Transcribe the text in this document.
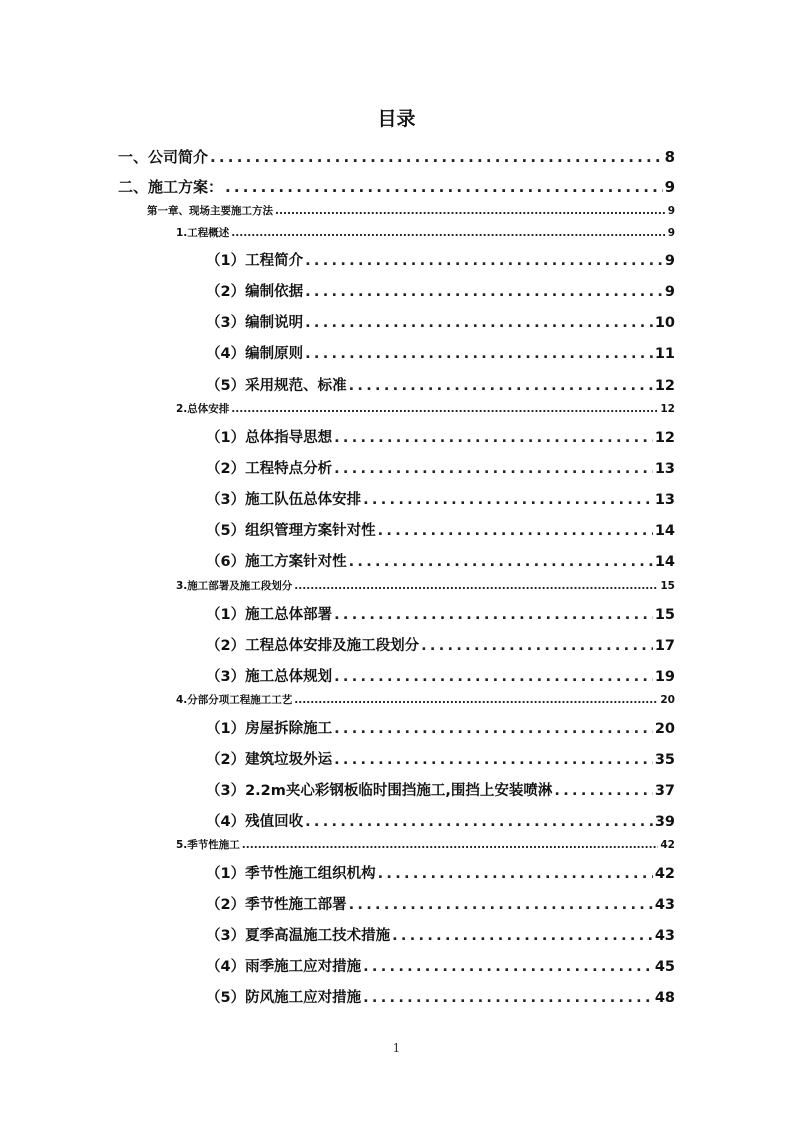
目录
一、公司简介 .....	8
二、施工方案： .....	9
第一章、现场主要施工方法 .....	9
1.工程概述 .....	9
（1）工程简介 .....	9
（2）编制依据 .....	9
（3）编制说明 .....	10
（4）编制原则 .....	11
（5）采用规范、标准 .....	12
2.总体安排 .....	12
（1）总体指导思想 .....	12
（2）工程特点分析 .....	13
（3）施工队伍总体安排 .....	13
（5）组织管理方案针对性 .....	14
（6）施工方案针对性 .....	14
3.施工部署及施工段划分 .....	15
（1）施工总体部署 .....	15
（2）工程总体安排及施工段划分 .....	17
（3）施工总体规划 .....	19
4.分部分项工程施工工艺 .....	20
（1）房屋拆除施工 .....	20
（2）建筑垃圾外运 .....	35
（3）2.2m夹心彩钢板临时围挡施工,围挡上安装喷淋 .....	37
（4）残值回收 .....	39
5.季节性施工 .....	42
（1）季节性施工组织机构 .....	42
（2）季节性施工部署 .....	43
（3）夏季高温施工技术措施 .....	43
（4）雨季施工应对措施 .....	45
（5）防风施工应对措施 .....	48
1
